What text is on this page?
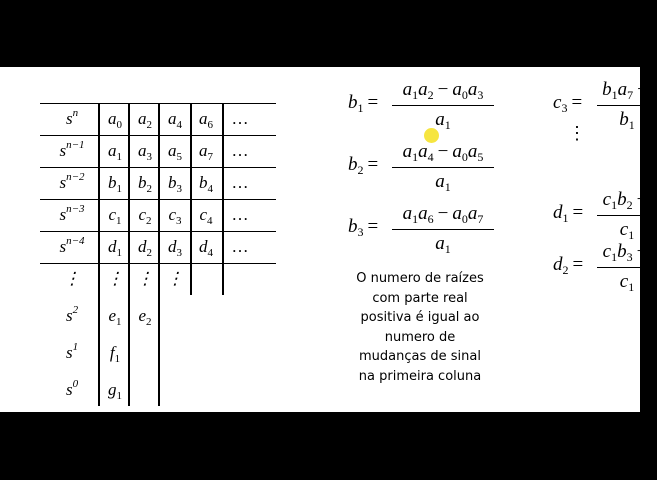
$s^n$	$a_0$ $a_2$ $a_4$	$a_6$	…
$s^{n-1}$	$a_1$ $a_3$ $a_5$	$a_7$	…
$s^{n-2}$	$b_1$ $b_2$ $b_3$	$b_4$	…
$s^{n-3}$	$c_1$ $c_2$ $c_3$	$c_4$	…
$s^{n-4}$	$d_1$ $d_2$ $d_3$	$d_4$	…
⋮	⋮ ⋮ ⋮
$s^2$	$e_1$ $e_2$
$s^1$	$f_1$
$s^0$	$g_1$
$b_1$ =
$a_1a_2 - a_0a_3$
$a_1$
$b_2$ =
$a_1a_4 - a_0a_5$
$a_1$
$b_3$ =
$a_1a_6 - a_0a_7$
$a_1$
$c_3$ =
$b_1a_7$ −
$b_1$
$d_1$ =
$c_1b_2$ −
$c_1$
$d_2$ =
$c_1b_3$ −
$c_1$
⋮
O numero de raízes
com parte real
positiva é igual ao
numero de
mudanças de sinal
na primeira coluna
